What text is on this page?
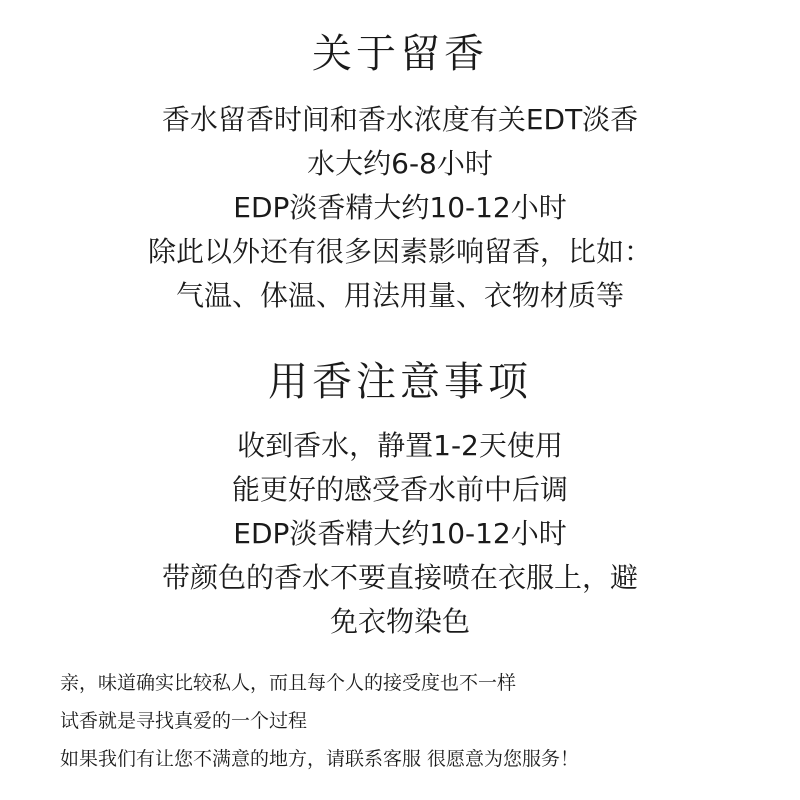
关于留香
香水留香时间和香水浓度有关EDT淡香
水大约6-8小时
EDP淡香精大约10-12小时
除此以外还有很多因素影响留香，比如：
气温、体温、用法用量、衣物材质等
用香注意事项
收到香水，静置1-2天使用
能更好的感受香水前中后调
EDP淡香精大约10-12小时
带颜色的香水不要直接喷在衣服上，避
免衣物染色
亲，味道确实比较私人，而且每个人的接受度也不一样
试香就是寻找真爱的一个过程
如果我们有让您不满意的地方，请联系客服 很愿意为您服务！
